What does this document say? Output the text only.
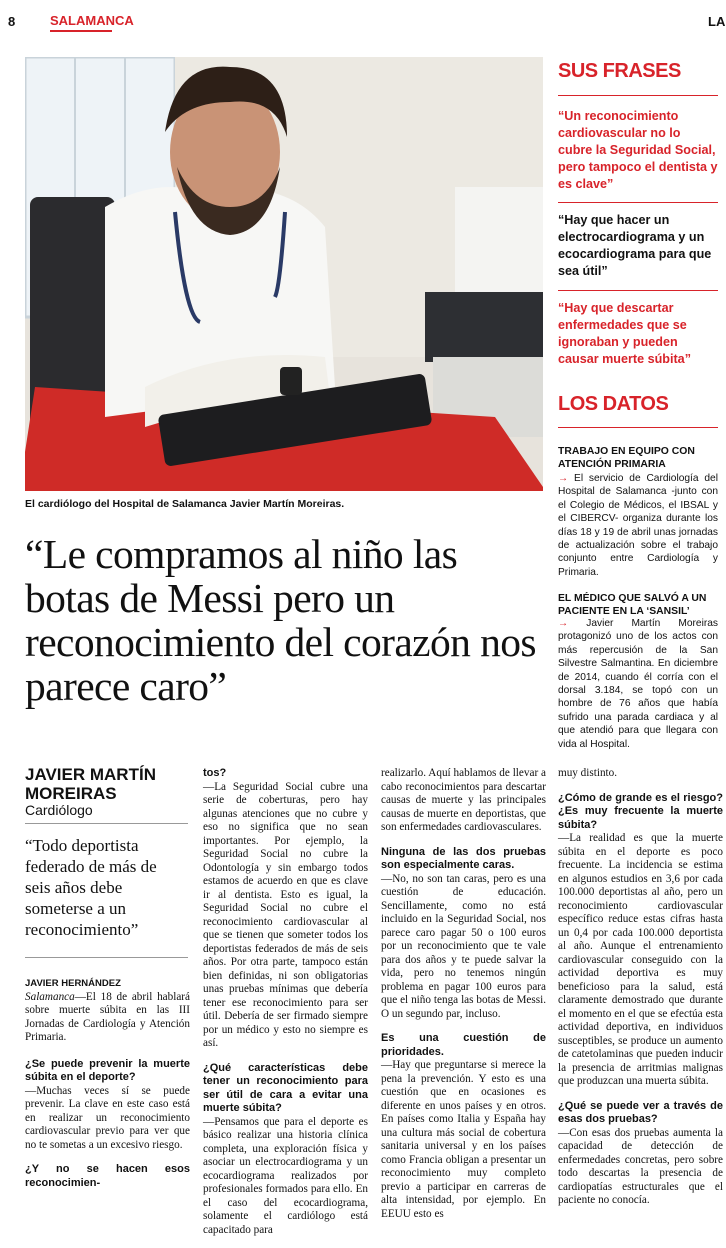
8	SALAMANCA	LA
El cardiólogo del Hospital de Salamanca Javier Martín Moreiras.
SUS FRASES
“Un reconocimiento cardiovascular no lo cubre la Seguridad Social, pero tampoco el dentista y es clave”
“Hay que hacer un electrocardiograma y un ecocardiograma para que sea útil”
“Hay que descartar enfermedades que se ignoraban y pueden causar muerte súbita”
LOS DATOS
TRABAJO EN EQUIPO CON ATENCIÓN PRIMARIA
→ El servicio de Cardiología del Hospital de Salamanca -junto con el Colegio de Médicos, el IBSAL y el CIBERCV- organiza durante los días 18 y 19 de abril unas jornadas de actualización sobre el trabajo conjunto entre Cardiología y Primaria.
EL MÉDICO QUE SALVÓ A UN PACIENTE EN LA ‘SANSIL’
→ Javier Martín Moreiras protagonizó uno de los actos con más repercusión de la San Silvestre Salmantina. En diciembre de 2014, cuando él corría con el dorsal 3.184, se topó con un hombre de 76 años que había sufrido una parada cardiaca y al que atendió para que llegara con vida al Hospital.
“Le compramos al niño las botas de Messi pero un reconocimiento del corazón nos parece caro”
JAVIER MARTÍN MOREIRAS
Cardiólogo
“Todo deportista federado de más de seis años debe someterse a un reconocimiento”
JAVIER HERNÁNDEZ

Salamanca—El 18 de abril hablará sobre muerte súbita en las III Jornadas de Cardiología y Atención Primaria.

¿Se puede prevenir la muerte súbita en el deporte?

—Muchas veces sí se puede prevenir. La clave en este caso está en realizar un reconocimiento cardiovascular previo para ver que no te sometas a un excesivo riesgo.

¿Y no se hacen esos reconocimien-
tos?

—La Seguridad Social cubre una serie de coberturas, pero hay algunas atenciones que no cubre y eso no significa que no sean importantes. Por ejemplo, la Seguridad Social no cubre la Odontología y sin embargo todos estamos de acuerdo en que es clave ir al dentista. Esto es igual, la Seguridad Social no cubre el reconocimiento cardiovascular al que se tienen que someter todos los deportistas federados de más de seis años. Por otra parte, tampoco están bien definidas, ni son obligatorias unas pruebas mínimas que debería tener ese reconocimiento para ser útil. Debería de ser firmado siempre por un médico y esto no siempre es así.

¿Qué características debe tener un reconocimiento para ser útil de cara a evitar una muerte súbita?

—Pensamos que para el deporte es básico realizar una historia clínica completa, una exploración física y asociar un electrocardiograma y un ecocardiograma realizados por profesionales formados para ello. En el caso del ecocardiograma, solamente el cardiólogo está capacitado para

realizarlo. Aquí hablamos de llevar a cabo reconocimientos para descartar causas de muerte y las principales causas de muerte en deportistas, que son enfermedades cardiovasculares.

Ninguna de las dos pruebas son especialmente caras.

—No, no son tan caras, pero es una cuestión de educación. Sencillamente, como no está incluido en la Seguridad Social, nos parece caro pagar 50 o 100 euros por un reconocimiento que te vale para dos años y te puede salvar la vida, pero no tenemos ningún problema en pagar 100 euros para que el niño tenga las botas de Messi. O un segundo par, incluso.

Es una cuestión de prioridades.

—Hay que preguntarse si merece la pena la prevención. Y esto es una cuestión que en ocasiones es diferente en unos países y en otros. En países como Italia y España hay una cultura más social de cobertura sanitaria universal y en los países como Francia obligan a presentar un reconocimiento muy completo previo a participar en carreras de alta intensidad, por ejemplo. En EEUU esto es

muy distinto.

¿Cómo de grande es el riesgo? ¿Es muy frecuente la muerte súbita?

—La realidad es que la muerte súbita en el deporte es poco frecuente. La incidencia se estima en algunos estudios en 3,6 por cada 100.000 deportistas al año, pero un reconocimiento cardiovascular específico reduce estas cifras hasta un 0,4 por cada 100.000 deportista al año. Aunque el entrenamiento cardiovascular conseguido con la actividad deportiva es muy beneficioso para la salud, está claramente demostrado que durante el momento en el que se efectúa esta actividad deportiva, en individuos susceptibles, se produce un aumento de catetolaminas que pueden inducir la presencia de arritmias malignas que produzcan una muerta súbita.

¿Qué se puede ver a través de esas dos pruebas?

—Con esas dos pruebas aumenta la capacidad de detección de enfermedades concretas, pero sobre todo descartas la presencia de cardiopatías estructurales que el paciente no conocía.
